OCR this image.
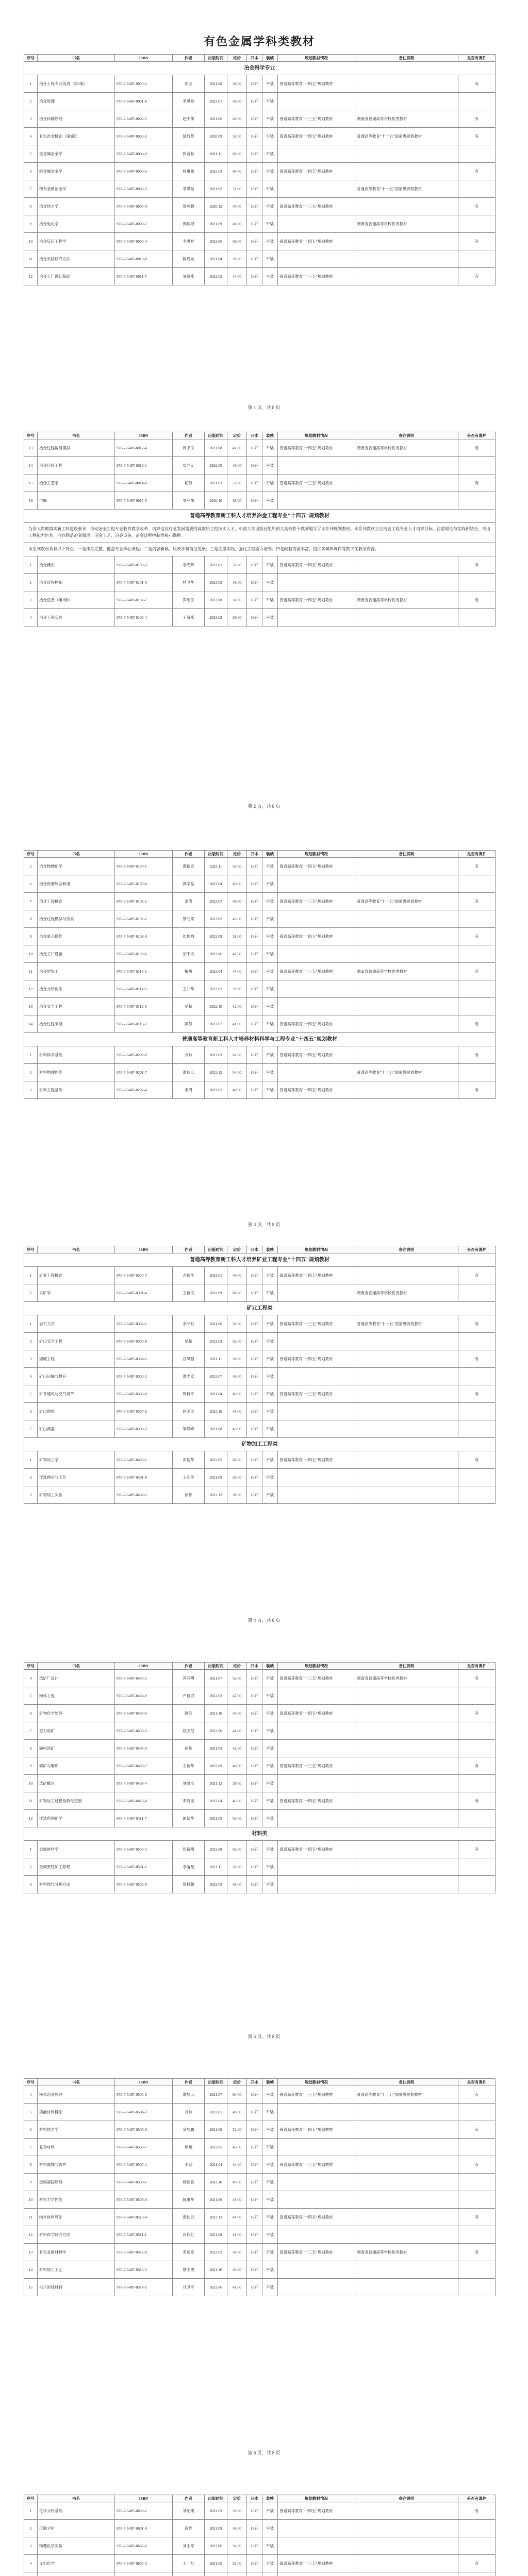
有色金属学科类教材
序号	书名	ISBN	作者	出版时间	定价	开本	装帧	规划教材情况	备注说明	是否有课件
冶金科学专业										
1	冶金工程专业英语（第2版）	978-7-5487-0000-1	胡宏	2021.08	36.00	16开	平装	普通高等教育"十四五"规划教材		有
2	冶金原理	978-7-5487-0001-8	李洪桂	2022.01	58.00	16开	平装			
3	冶金传输原理	978-7-5487-0002-5	赵中伟	2021.06	49.00	16开	平装	普通高等教育"十三五"规划教材	湖南省普通高等学校优秀教材	有
4	有色冶金概论（第3版）	978-7-5487-0003-2	邱竹贤	2020.09	52.00	16开	平装	普通高等教育"十四五"规划教材	普通高等教育"十一五"国家级规划教材	有
5	重金属冶金学	978-7-5487-0004-9	彭容秋	2021.11	68.00	16开	平装			
6	轻金属冶金学	978-7-5487-0005-6	杨重愚	2022.03	64.00	16开	平装	普通高等教育"十四五"规划教材		有
7	稀有金属冶金学	978-7-5487-0006-3	李洪桂	2021.05	72.00	16开	平装		普通高等教育"十一五"国家级规划教材	
8	冶金热力学	978-7-5487-0007-0	梁英教	2020.12	45.00	16开	平装	普通高等教育"十三五"规划教材		有
9	冶金电化学	978-7-5487-0008-7	郭炳焜	2021.09	48.00	16开	平装		湖南省普通高等学校优秀教材	
10	冶金反应工程学	978-7-5487-0009-4	李洪桂	2022.06	56.00	16开	平装	普通高等教育"十四五"规划教材		有
11	冶金实验研究方法	978-7-5487-0010-0	陈启元	2021.04	39.00	16开	平装			
12	冶金工厂设计基础	978-7-5487-0011-7	刘晓燕	2022.02	44.00	16开	平装	普通高等教育"十三五"规划教材		有
第 1 页，共 8 页
序号	书名	ISBN	作者	出版时间	定价	开本	装帧	规划教材情况	备注说明	是否有课件
13	冶金过程数值模拟	978-7-5487-0012-4	周孑民	2021.08	42.00	16开	平装	普通高等教育"十四五"规划教材	湖南省普通高等学校优秀教材	有
14	冶金环境工程	978-7-5487-0013-1	柴立元	2022.05	46.00	16开	平装			
15	冶金工艺学	978-7-5487-0014-8	何静	2021.03	53.00	16开	平装	普通高等教育"十三五"规划教材		有
16	电解	978-7-5487-0015-5	刘业翔	2020.10	38.00	16开	平装			
普通高等教育新工科人才培养冶金工程专业"十四五"规划教材										
为深入贯彻落实新工科建设要求，推动冶金工程专业教育教学改革，培养适应行业发展需要的高素质工程技术人才，中南大学出版社组织相关高校骨干教师编写了本系列规划教材。本系列教材立足冶金工程专业人才培养目标，注重理论与实践相结合，突出工程能力培养，内容涵盖冶金原理、冶金工艺、冶金设备、冶金过程控制等核心课程。										
本系列教材具有以下特点：一是体系完整，覆盖专业核心课程；二是内容新颖，反映学科前沿发展；三是注重实践，强化工程能力培养；四是配套资源丰富，提供多媒体课件等数字化教学资源。										
1	冶金概论	978-7-5487-0100-3	李光辉	2023.01	52.00	16开	平装	普通高等教育"十四五"规划教材		有
2	冶金过程控制	978-7-5487-0101-0	桂卫华	2023.03	48.00	16开	平装			
3	冶金设备（第2版）	978-7-5487-0102-7	罗湘江	2022.08	58.00	16开	平装	普通高等教育"十四五"规划教材	湖南省普通高等学校优秀教材	有
4	冶金工程实验	978-7-5487-0103-4	王海燕	2023.02	36.00	16开	平装			
第 2 页，共 8 页
序号	书名	ISBN	作者	出版时间	定价	开本	装帧	规划教材情况	备注说明	是否有课件
5	冶金物理化学	978-7-5487-0104-1	黄振奇	2022.11	55.00	16开	平装	普通高等教育"十四五"规划教材		有
6	冶金资源综合利用	978-7-5487-0105-8	郭学益	2023.04	49.00	16开	平装			
7	冶金工程概论	978-7-5487-0106-5	姜涛	2022.07	46.00	16开	平装	普通高等教育"十三五"规划教材	普通高等教育"十一五"国家级规划教材	有
8	冶金过程模拟与仿真	978-7-5487-0107-2	蔡元梁	2023.05	43.00	16开	平装			
9	冶金单元操作	978-7-5487-0108-9	张传福	2022.09	51.00	16开	平装	普通高等教育"十四五"规划教材		有
10	冶金工厂设备	978-7-5487-0109-6	胡宇杰	2023.06	47.00	16开	平装			
11	冶金炉热工	978-7-5487-0110-2	梅炽	2022.04	44.00	16开	平装	普通高等教育"十三五"规划教材	湖南省普通高等学校优秀教材	有
12	冶金分析化学	978-7-5487-0111-9	王升华	2023.02	39.00	16开	平装			
13	冶金安全工程	978-7-5487-0112-6	吴超	2022.10	42.00	16开	平装			
14	冶金过程节能	978-7-5487-0113-3	陈静	2023.07	41.00	16开	平装	普通高等教育"十四五"规划教材		有
普通高等教育新工科人才培养材料科学与工程专业"十四五"规划教材										
1	材料科学基础	978-7-5487-0200-0	刘咏	2023.03	62.00	16开	平装	普通高等教育"十四五"规划教材		有
2	材料物理性能	978-7-5487-0201-7	黄伯云	2022.12	54.00	16开	平装		普通高等教育"十一五"国家级规划教材	
3	材料工程基础	978-7-5487-0202-4	李周	2023.05	48.00	16开	平装	普通高等教育"十四五"规划教材		有
第 3 页，共 8 页
序号	书名	ISBN	作者	出版时间	定价	开本	装帧	规划教材情况	备注说明	是否有课件
普通高等教育新工科人才培养矿业工程专业"十四五"规划教材										
1	矿业工程概论	978-7-5487-0300-7	古德生	2023.01	49.00	16开	平装	普通高等教育"十四五"规划教材		有
2	采矿学	978-7-5487-0301-4	王新民	2022.09	68.00	16开	平装		湖南省普通高等学校优秀教材	
矿业工程类										
1	岩石力学	978-7-5487-0302-1	李夕兵	2021.06	56.00	16开	平装	普通高等教育"十三五"规划教材	普通高等教育"十一五"国家级规划教材	有
2	矿山安全工程	978-7-5487-0303-8	吴超	2022.03	52.00	16开	平装			
3	爆破工程	978-7-5487-0304-5	宫凤强	2021.11	58.00	16开	平装	普通高等教育"十四五"规划教材		有
4	矿山运输与提升	978-7-5487-0305-2	黄志安	2022.07	46.00	16开	平装			
5	矿井通风与空气调节	978-7-5487-0306-9	周科平	2021.04	49.00	16开	平装	普通高等教育"十三五"规划教材		有
6	矿山地质	978-7-5487-0307-6	赵国彦	2022.10	45.00	16开	平装			
7	矿山测量	978-7-5487-0308-3	邹峥嵘	2021.08	43.00	16开	平装			
矿物加工工程类										
1	矿物加工学	978-7-5487-0400-1	胡岳华	2022.05	66.00	16开	平装	普通高等教育"十四五"规划教材		有
2	浮选理论与工艺	978-7-5487-0401-8	王淀佐	2021.09	58.00	16开	平装			
3	矿物加工实验	978-7-5487-0402-5	孙伟	2022.12	38.00	16开	平装			
第 4 页，共 8 页
序号	书名	ISBN	作者	出版时间	定价	开本	装帧	规划教材情况	备注说明	是否有课件
4	选矿厂设计	978-7-5487-0403-2	冯其明	2021.07	52.00	16开	平装	普通高等教育"十三五"规划教材	湖南省普通高等学校优秀教材	有
5	粉体工程	978-7-5487-0404-9	卢毅屏	2022.02	47.00	16开	平装			
6	矿物化学处理	978-7-5487-0405-6	钟宏	2021.10	55.00	16开	平装	普通高等教育"十四五"规划教材		有
7	重力选矿	978-7-5487-0406-3	张国范	2022.06	44.00	16开	平装			
8	磁电选矿	978-7-5487-0407-0	孙伟	2021.03	42.00	16开	平装			
9	碎矿与磨矿	978-7-5487-0408-7	王毓华	2022.09	48.00	16开	平装	普通高等教育"十三五"规划教材		有
10	选矿概论	978-7-5487-0409-4	刘晓文	2021.12	39.00	16开	平装			
11	矿物加工过程检测与控制	978-7-5487-0410-0	邓海波	2022.04	46.00	16开	平装	普通高等教育"十四五"规划教材		有
12	浮选药剂化学	978-7-5487-0411-7	胡岳华	2021.05	53.00	16开	平装			
材料类										
1	金属材料学	978-7-5487-0500-5	张新明	2022.08	62.00	16开	平装	普通高等教育"十四五"规划教材		有
2	金属塑性加工原理	978-7-5487-0501-2	李落星	2021.11	56.00	16开	平装			
3	材料现代分析方法	978-7-5487-0502-9	周科朝	2022.03	58.00	16开	平装			
第 5 页，共 8 页
序号	书名	ISBN	作者	出版时间	定价	开本	装帧	规划教材情况	备注说明	是否有课件
4	粉末冶金原理	978-7-5487-0503-6	黄培云	2021.07	64.00	16开	平装	普通高等教育"十三五"规划教材	普通高等教育"十一五"国家级规划教材	有
5	功能材料概论	978-7-5487-0504-3	刘咏	2022.01	48.00	16开	平装			
6	材料热力学	978-7-5487-0505-0	金展鹏	2021.09	52.00	16开	平装	普通高等教育"十四五"规划教材		有
7	复合材料	978-7-5487-0506-7	熊翔	2022.05	46.00	16开	平装			
8	材料腐蚀与防护	978-7-5487-0507-4	李劲	2021.04	44.00	16开	平装	普通高等教育"十三五"规划教材		有
9	金属凝固原理	978-7-5487-0508-1	杨伏良	2022.10	49.00	16开	平装			
10	材料力学性能	978-7-5487-0509-8	陈康华	2021.06	43.00	16开	平装			
11	纳米材料导论	978-7-5487-0510-4	黄伯云	2022.12	47.00	16开	平装	普通高等教育"十四五"规划教材		有
12	材料科学研究方法	978-7-5487-0511-1	肖代红	2021.08	41.00	16开	平装			
13	有色金属材料学	978-7-5487-0512-8	邓运来	2022.02	58.00	16开	平装	普通高等教育"十三五"规划教材	湖南省普通高等学校优秀教材	有
14	材料加工工艺	978-7-5487-0513-5	蔡志勇	2021.10	45.00	16开	平装			
15	电子封装材料	978-7-5487-0514-2	甘卫平	2022.06	42.00	16开	平装			
第 6 页，共 8 页
序号	书名	ISBN	作者	出版时间	定价	开本	装帧	规划教材情况	备注说明	是否有课件
1	化学分析基础	978-7-5487-0600-2	刘绍璞	2022.03	39.00	16开	平装	普通高等教育"十四五"规划教材		有
2	仪器分析	978-7-5487-0601-9	蒋维	2021.09	46.00	16开	平装			
3	物理化学实验	978-7-5487-0602-6	刘士军	2022.06	32.00	16开	平装			
4	无机化学	978-7-5487-0603-3	王一凡	2021.05	52.00	16开	平装	普通高等教育"十三五"规划教材		有
